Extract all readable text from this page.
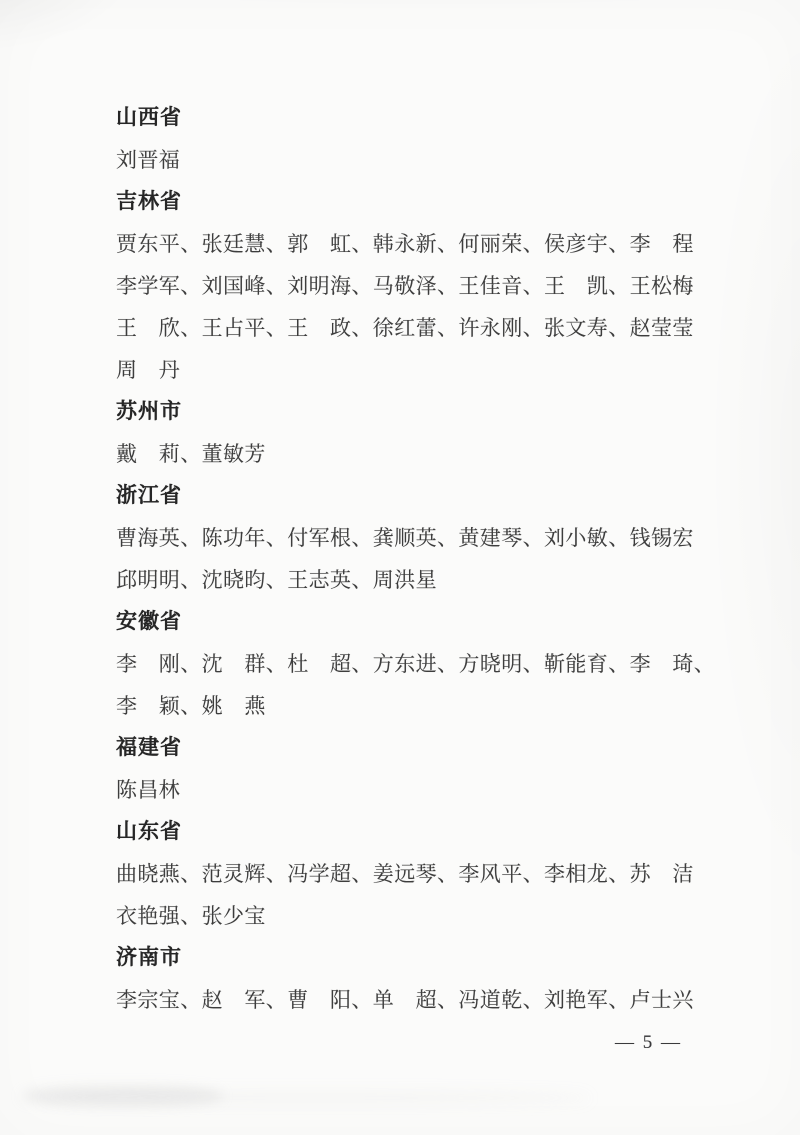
山西省

刘晋福

吉林省

贾东平、张廷慧、郭　虹、韩永新、何丽荣、侯彦宇、李　程

李学军、刘国峰、刘明海、马敬泽、王佳音、王　凯、王松梅

王　欣、王占平、王　政、徐红蕾、许永刚、张文寿、赵莹莹

周　丹

苏州市

戴　莉、董敏芳

浙江省

曹海英、陈功年、付军根、龚顺英、黄建琴、刘小敏、钱锡宏

邱明明、沈晓昀、王志英、周洪星

安徽省

李　刚、沈　群、杜　超、方东进、方晓明、靳能育、李　琦、

李　颖、姚　燕

福建省

陈昌林

山东省

曲晓燕、范灵辉、冯学超、姜远琴、李风平、李相龙、苏　洁

衣艳强、张少宝

济南市

李宗宝、赵　军、曹　阳、单　超、冯道乾、刘艳军、卢士兴

— 5 —
